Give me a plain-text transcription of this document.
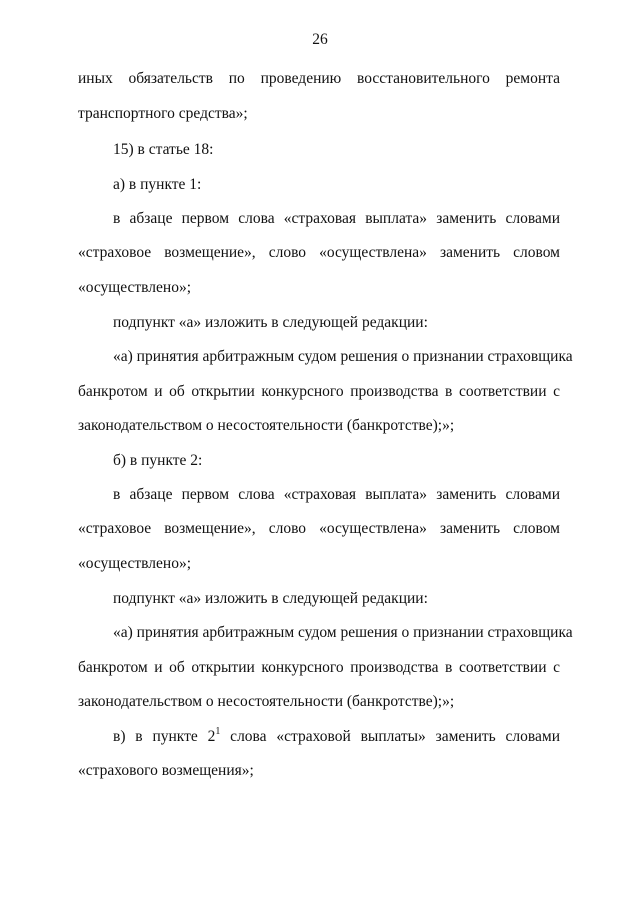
26
иных обязательств по проведению восстановительного ремонта
транспортного средства»;
15) в статье 18:
а) в пункте 1:
в абзаце первом слова «страховая выплата» заменить словами
«страховое возмещение», слово «осуществлена» заменить словом
«осуществлено»;
подпункт «а» изложить в следующей редакции:
«а) принятия арбитражным судом решения о признании страховщика
банкротом и об открытии конкурсного производства в соответствии с
законодательством о несостоятельности (банкротстве);»;
б) в пункте 2:
в абзаце первом слова «страховая выплата» заменить словами
«страховое возмещение», слово «осуществлена» заменить словом
«осуществлено»;
подпункт «а» изложить в следующей редакции:
«а) принятия арбитражным судом решения о признании страховщика
банкротом и об открытии конкурсного производства в соответствии с
законодательством о несостоятельности (банкротстве);»;
в) в пункте $2^1$ слова «страховой выплаты» заменить словами
«страхового возмещения»;
